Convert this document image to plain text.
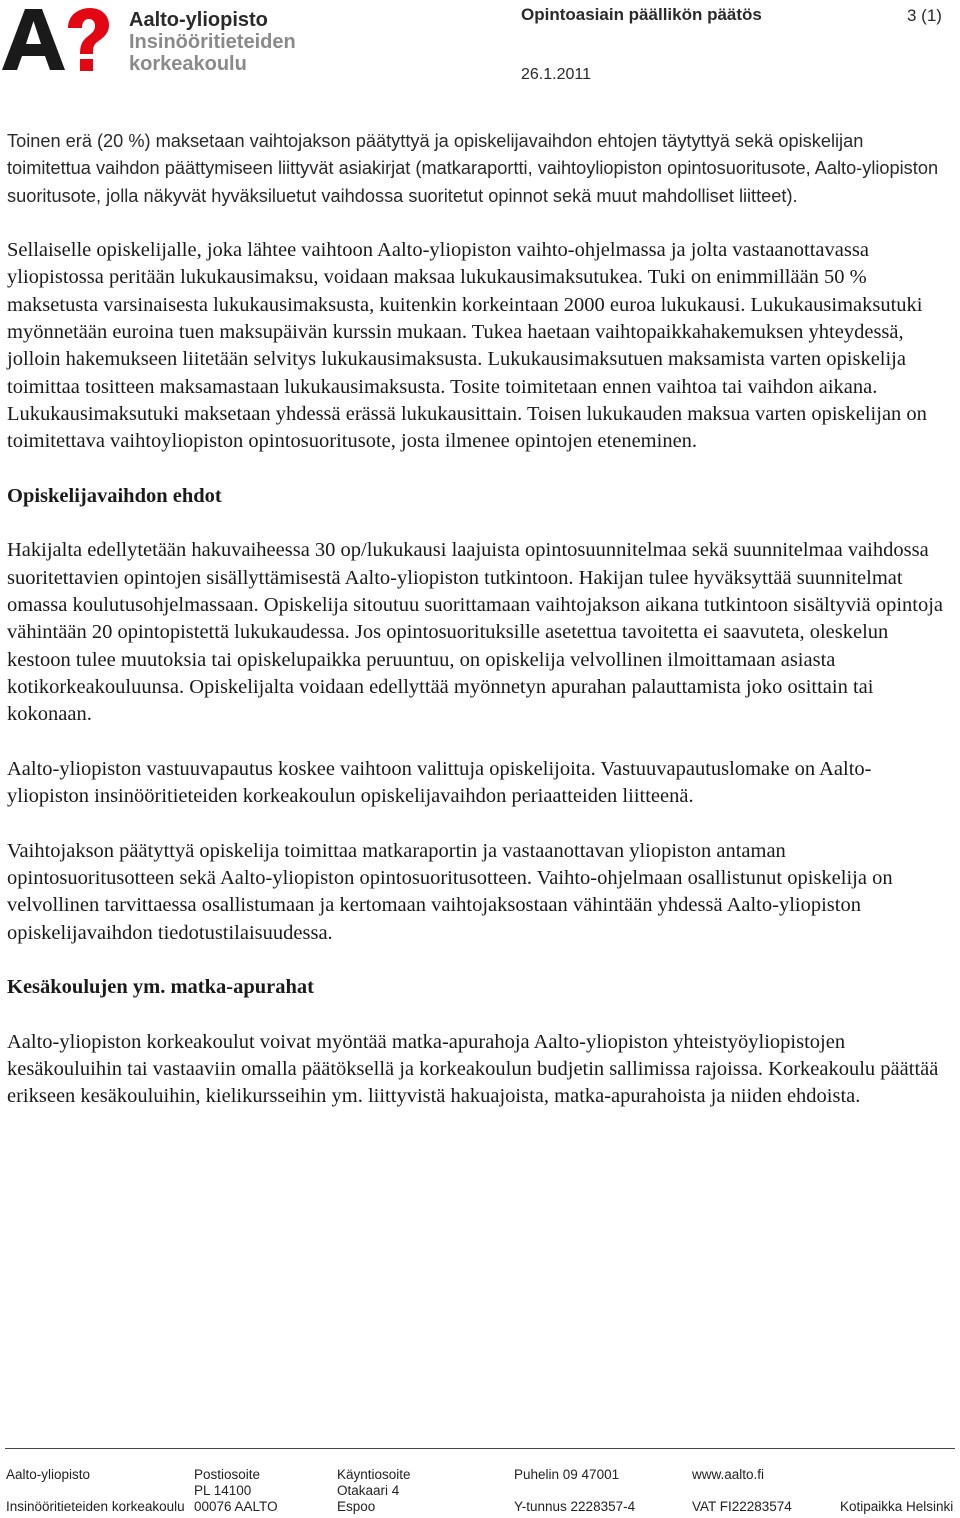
Aalto-yliopisto
Insinööritieteiden
korkeakoulu
Opintoasiain päällikön päätös	3 (1)
26.1.2011

Toinen erä (20 %) maksetaan vaihtojakson päätyttyä ja opiskelijavaihdon ehtojen täytyttyä sekä opiskelijan toimitettua vaihdon päättymiseen liittyvät asiakirjat (matkaraportti, vaihtoyliopiston opintosuoritusote, Aalto-yliopiston suoritusote, jolla näkyvät hyväksiluetut vaihdossa suoritetut opinnot sekä muut mahdolliset liitteet).

Sellaiselle opiskelijalle, joka lähtee vaihtoon Aalto-yliopiston vaihto-ohjelmassa ja jolta vastaanottavassa yliopistossa peritään lukukausimaksu, voidaan maksaa lukukausimaksutukea. Tuki on enimmillään 50 % maksetusta varsinaisesta lukukausimaksusta, kuitenkin korkeintaan 2000 euroa lukukausi. Lukukausimaksutuki myönnetään euroina tuen maksupäivän kurssin mukaan. Tukea haetaan vaihtopaikkahakemuksen yhteydessä, jolloin hakemukseen liitetään selvitys lukukausimaksusta. Lukukausimaksutuen maksamista varten opiskelija toimittaa tositteen maksamastaan lukukausimaksusta. Tosite toimitetaan ennen vaihtoa tai vaihdon aikana. Lukukausimaksutuki maksetaan yhdessä erässä lukukausittain. Toisen lukukauden maksua varten opiskelijan on toimitettava vaihtoyliopiston opintosuoritusote, josta ilmenee opintojen eteneminen.

Opiskelijavaihdon ehdot

Hakijalta edellytetään hakuvaiheessa 30 op/lukukausi laajuista opintosuunnitelmaa sekä suunnitelmaa vaihdossa suoritettavien opintojen sisällyttämisestä Aalto-yliopiston tutkintoon. Hakijan tulee hyväksyttää suunnitelmat omassa koulutusohjelmassaan. Opiskelija sitoutuu suorittamaan vaihtojakson aikana tutkintoon sisältyviä opintoja vähintään 20 opintopistettä lukukaudessa. Jos opintosuorituksille asetettua tavoitetta ei saavuteta, oleskelun kestoon tulee muutoksia tai opiskelupaikka peruuntuu, on opiskelija velvollinen ilmoittamaan asiasta kotikorkeakouluunsa. Opiskelijalta voidaan edellyttää myönnetyn apurahan palauttamista joko osittain tai kokonaan.

Aalto-yliopiston vastuuvapautus koskee vaihtoon valittuja opiskelijoita. Vastuuvapautuslomake on Aalto-yliopiston insinööritieteiden korkeakoulun opiskelijavaihdon periaatteiden liitteenä.

Vaihtojakson päätyttyä opiskelija toimittaa matkaraportin ja vastaanottavan yliopiston antaman opintosuoritusotteen sekä Aalto-yliopiston opintosuoritusotteen. Vaihto-ohjelmaan osallistunut opiskelija on velvollinen tarvittaessa osallistumaan ja kertomaan vaihtojaksostaan vähintään yhdessä Aalto-yliopiston opiskelijavaihdon tiedotustilaisuudessa.

Kesäkoulujen ym. matka-apurahat

Aalto-yliopiston korkeakoulut voivat myöntää matka-apurahoja Aalto-yliopiston yhteistyöyliopistojen kesäkouluihin tai vastaaviin omalla päätöksellä ja korkeakoulun budjetin sallimissa rajoissa. Korkeakoulu päättää erikseen kesäkouluihin, kielikursseihin ym. liittyvistä hakuajoista, matka-apurahoista ja niiden ehdoista.

Aalto-yliopisto
Insinööritieteiden korkeakoulu
Postiosoite
PL 14100
00076 AALTO
Käyntiosoite
Otakaari 4
Espoo
Puhelin 09 47001
Y-tunnus 2228357-4
www.aalto.fi
VAT FI22283574	Kotipaikka Helsinki
